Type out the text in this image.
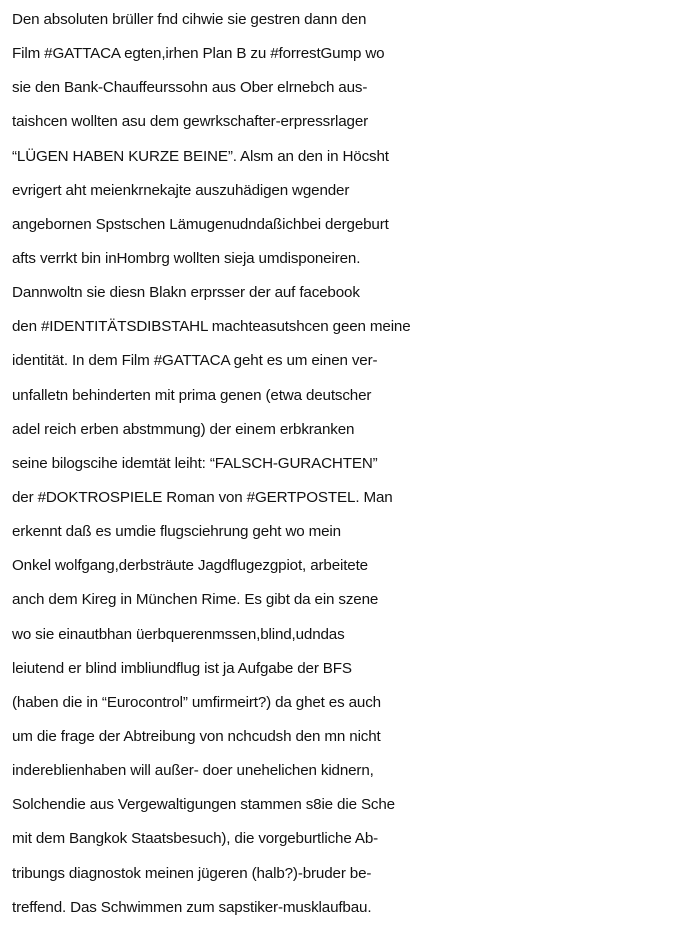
Den absoluten brüller fnd cihwie sie gestren dann den
Film #GATTACA egten,irhen Plan B zu #forrestGump wo
sie den Bank-Chauffeurssohn aus Ober elrnebch aus-
taishcen wollten asu dem gewrkschafter-erpressrlager
“LÜGEN HABEN KURZE BEINE”. Alsm an den in Höcsht
evrigert aht meienkrnekajte auszuhädigen wgender
angebornen Spstschen Lämugenudndaßichbei dergeburt
afts verrkt bin inHombrg wollten sieja umdisponeiren.
Dannwoltn sie diesn Blakn erprsser der auf facebook
den #IDENTITÄTSDIBSTAHL machteasutshcen geen meine
identität. In dem Film #GATTACA geht es um einen ver-
unfalletn behinderten mit prima genen (etwa deutscher
adel reich erben abstmmung) der einem erbkranken
seine bilogscihe idemtät leiht: “FALSCH-GURACHTEN”
der #DOKTROSPIELE Roman von #GERTPOSTEL. Man
erkennt daß es umdie flugsciehrung geht wo mein
Onkel wolfgang,derbsträute Jagdflugezgpiot, arbeitete
anch dem Kireg in München Rime. Es gibt da ein szene
wo sie einautbhan üerbquerenmssen,blind,udndas
leiutend er blind imbliundflug ist ja Aufgabe der BFS
(haben die in “Eurocontrol” umfirmeirt?) da ghet es auch
um die frage der Abtreibung von nchcudsh den mn nicht
indereblienhaben will außer- doer unehelichen kidnern,
Solchendie aus Vergewaltigungen stammen s8ie die Sche
mit dem Bangkok Staatsbesuch), die vorgeburtliche Ab-
tribungs diagnostok meinen jügeren (halb?)-bruder be-
treffend. Das Schwimmen zum sapstiker-musklaufbau.
